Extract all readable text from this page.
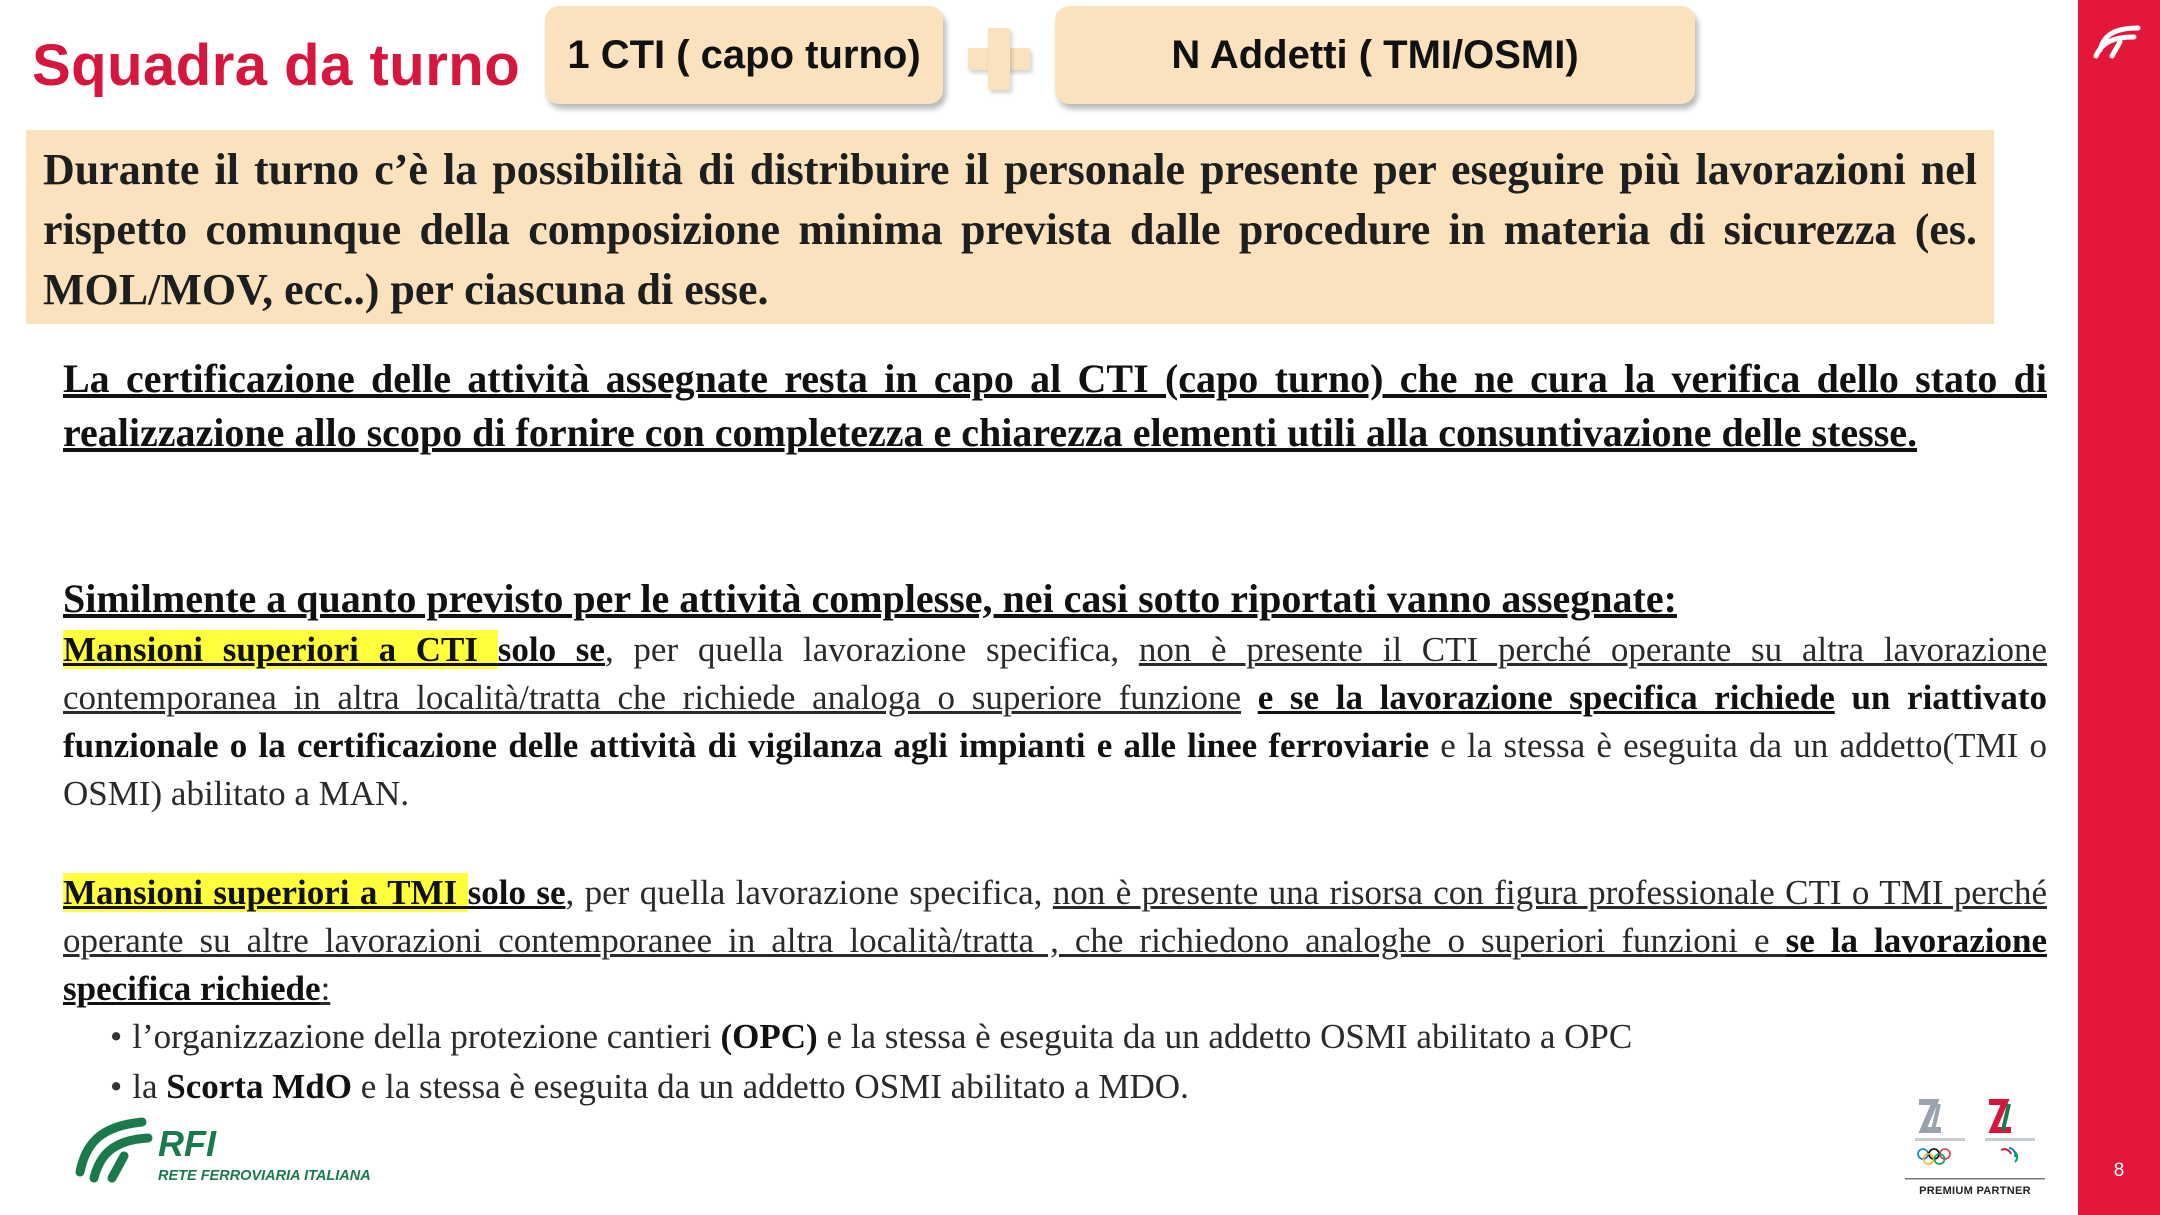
Squadra da turno 1 CTI ( capo turno)	N Addetti ( TMI/OSMI)
8
Durante il turno c’è la possibilità di distribuire il personale presente per eseguire più lavorazioni nel rispetto comunque della composizione minima prevista dalle procedure in materia di sicurezza (es. MOL/MOV, ecc..) per ciascuna di esse.
La certificazione delle attività assegnate resta in capo al CTI (capo turno) che ne cura la verifica dello stato di realizzazione allo scopo di fornire con completezza e chiarezza elementi utili alla consuntivazione delle stesse.
Similmente a quanto previsto per le attività complesse, nei casi sotto riportati vanno assegnate:
Mansioni superiori a CTI solo se, per quella lavorazione specifica, non è presente il CTI perché operante su altra lavorazione contemporanea in altra località/tratta che richiede analoga o superiore funzione e se la lavorazione specifica richiede un riattivato funzionale o la certificazione delle attività di vigilanza agli impianti e alle linee ferroviarie e la stessa è eseguita da un addetto(TMI o OSMI) abilitato a MAN.
Mansioni superiori a TMI solo se, per quella lavorazione specifica, non è presente una risorsa con figura professionale CTI o TMI perché operante su altre lavorazioni contemporanee in altra località/tratta , che richiedono analoghe o superiori funzioni e se la lavorazione specifica richiede:
• l’organizzazione della protezione cantieri (OPC) e la stessa è eseguita da un addetto OSMI abilitato a OPC
• la Scorta MdO e la stessa è eseguita da un addetto OSMI abilitato a MDO.
RFI
RETE FERROVIARIA ITALIANA
PREMIUM PARTNER
